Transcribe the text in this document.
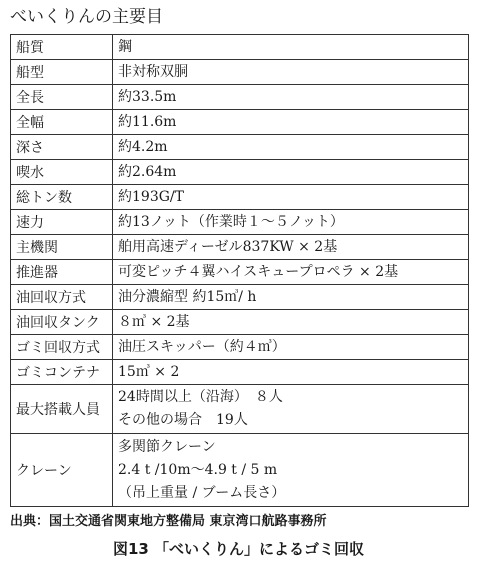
べいくりんの主要目
船質	鋼

船型	非対称双胴

全長	約33.5m

全幅	約11.6m

深さ	約4.2m

喫水	約2.64m

総トン数	約193G/T

速力	約13ノット（作業時１～５ノット）

主機関	舶用高速ディーゼル837KW × 2基

推進器	可変ピッチ４翼ハイスキュープロペラ × 2基

油回収方式	油分濃縮型 約15㎥/ h

油回収タンク	８㎥ × 2基

ゴミ回収方式	油圧スキッパー（約４㎥）

ゴミコンテナ	15㎥ × 2

最大搭載人員	24時間以上（沿海）　８人
その他の場合　19人

クレーン	多関節クレーン
2.4 t /10m～4.9 t / 5 m
（吊上重量 / ブーム長さ）
出典：国土交通省関東地方整備局 東京湾口航路事務所
図13 「べいくりん」によるゴミ回収
